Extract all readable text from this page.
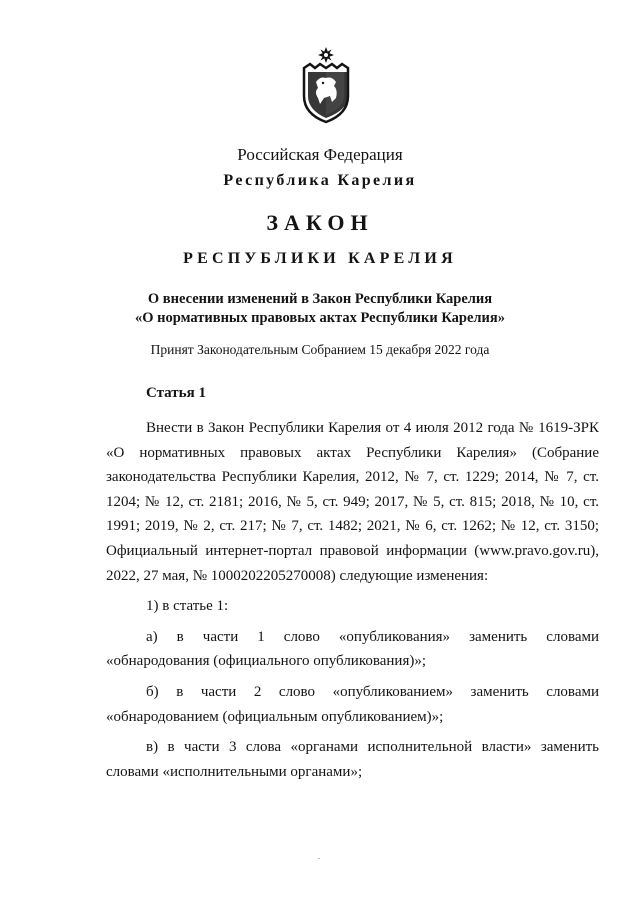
Российская Федерация

Республика Карелия

ЗАКОН

РЕСПУБЛИКИ КАРЕЛИЯ

О внесении изменений в Закон Республики Карелия
«О нормативных правовых актах Республики Карелия»

Принят Законодательным Собранием 15 декабря 2022 года

Статья 1

Внести в Закон Республики Карелия от 4 июля 2012 года № 1619-ЗРК «О нормативных правовых актах Республики Карелия» (Собрание законодательства Республики Карелия, 2012, № 7, ст. 1229; 2014, № 7, ст. 1204; № 12, ст. 2181; 2016, № 5, ст. 949; 2017, № 5, ст. 815; 2018, № 10, ст. 1991; 2019, № 2, ст. 217; № 7, ст. 1482; 2021, № 6, ст. 1262; № 12, ст. 3150; Официальный интернет-портал правовой информации (www.pravo.gov.ru), 2022, 27 мая, № 1000202205270008) следующие изменения:

1) в статье 1:

а) в части 1 слово «опубликования» заменить словами «обнародования (официального опубликования)»;

б) в части 2 слово «опубликованием» заменить словами «обнародованием (официальным опубликованием)»;

в) в части 3 слова «органами исполнительной власти» заменить словами «исполнительными органами»;
